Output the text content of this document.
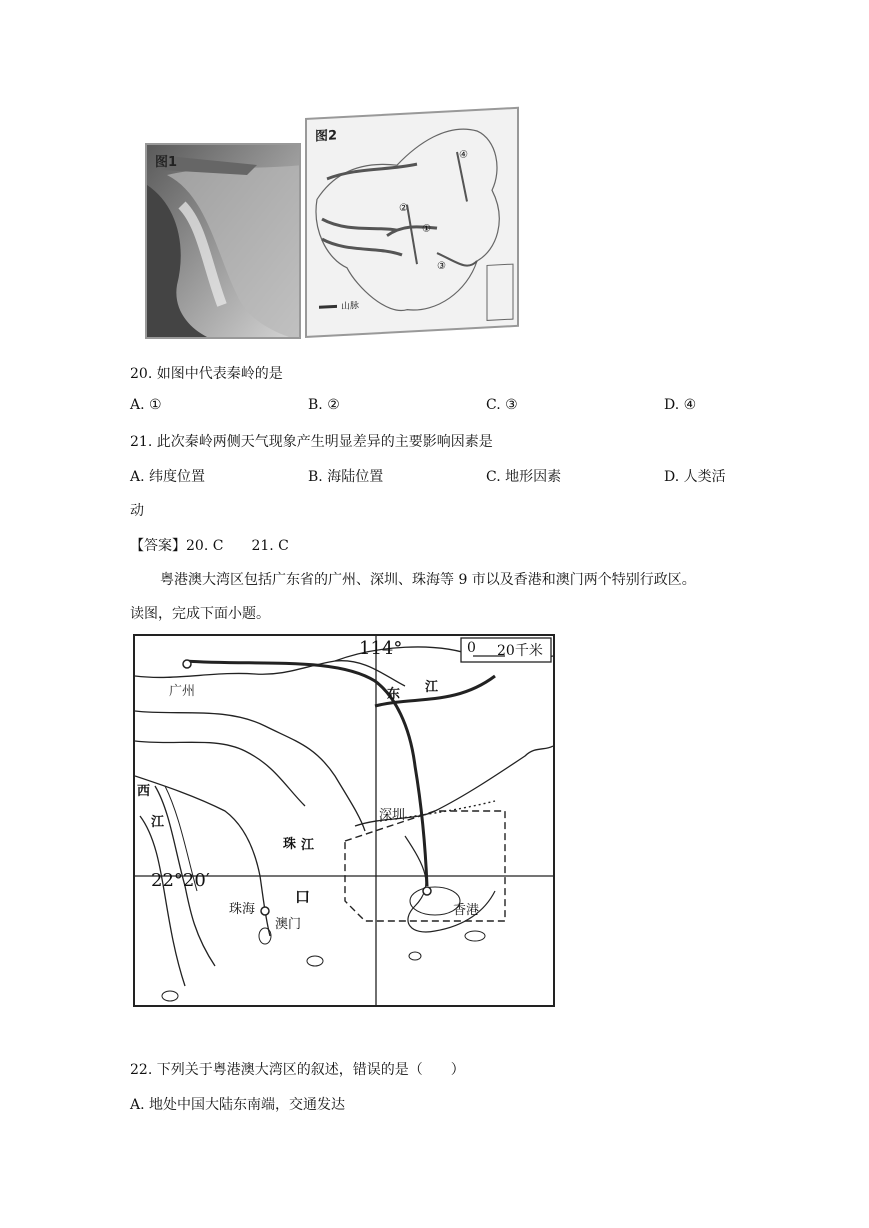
图1
图2
④
②
①
③
山脉
20. 如图中代表秦岭的是
A. ①	B. ②	C. ③	D. ④
21. 此次秦岭两侧天气现象产生明显差异的主要影响因素是
A. 纬度位置	B. 海陆位置	C. 地形因素	D. 人类活
动
【答案】20. C 21. C
粤港澳大湾区包括广东省的广州、深圳、珠海等 9 市以及香港和澳门两个特别行政区。
读图，完成下面小题。
114°	0 20千米
广州	东 江
西
江
珠 江
口
深圳
22°20′
珠海
澳门
香港
22. 下列关于粤港澳大湾区的叙述，错误的是（　　）
A. 地处中国大陆东南端，交通发达
